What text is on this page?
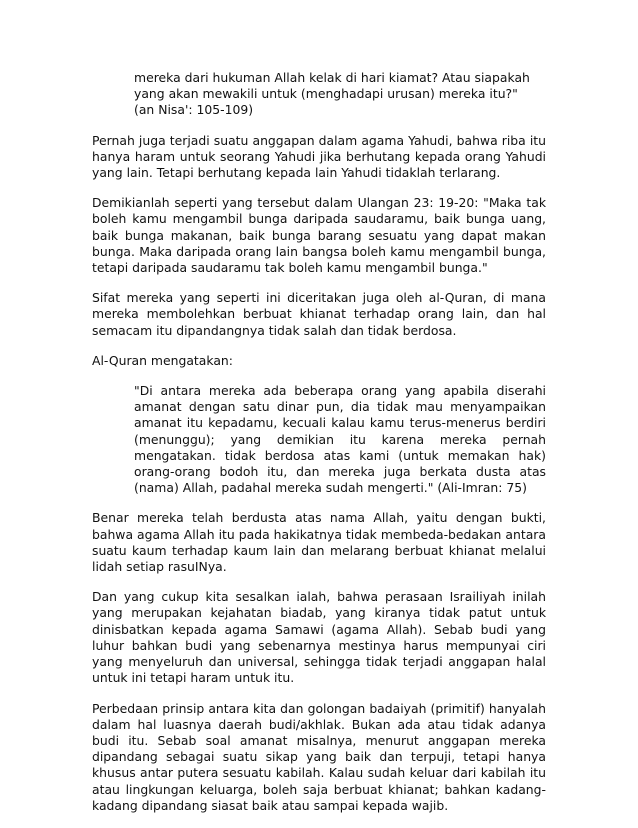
mereka dari hukuman Allah kelak di hari kiamat? Atau siapakah
yang akan mewakili untuk (menghadapi urusan) mereka itu?"
(an Nisa': 105-109)

Pernah juga terjadi suatu anggapan dalam agama Yahudi, bahwa riba itu hanya haram untuk seorang Yahudi jika berhutang kepada orang Yahudi yang lain. Tetapi berhutang kepada lain Yahudi tidaklah terlarang.

Demikianlah seperti yang tersebut dalam Ulangan 23: 19-20: "Maka tak boleh kamu mengambil bunga daripada saudaramu, baik bunga uang, baik bunga makanan, baik bunga barang sesuatu yang dapat makan bunga. Maka daripada orang lain bangsa boleh kamu mengambil bunga, tetapi daripada saudaramu tak boleh kamu mengambil bunga."

Sifat mereka yang seperti ini diceritakan juga oleh al-Quran, di mana mereka membolehkan berbuat khianat terhadap orang lain, dan hal semacam itu dipandangnya tidak salah dan tidak berdosa.

Al-Quran mengatakan:

"Di antara mereka ada beberapa orang yang apabila diserahi amanat dengan satu dinar pun, dia tidak mau menyampaikan amanat itu kepadamu, kecuali kalau kamu terus-menerus berdiri (menunggu); yang demikian itu karena mereka pernah mengatakan. tidak berdosa atas kami (untuk memakan hak) orang-orang bodoh itu, dan mereka juga berkata dusta atas (nama) Allah, padahal mereka sudah mengerti." (Ali-Imran: 75)

Benar mereka telah berdusta atas nama Allah, yaitu dengan bukti, bahwa agama Allah itu pada hakikatnya tidak membeda-bedakan antara suatu kaum terhadap kaum lain dan melarang berbuat khianat melalui lidah setiap rasuINya.

Dan yang cukup kita sesalkan ialah, bahwa perasaan Israiliyah inilah yang merupakan kejahatan biadab, yang kiranya tidak patut untuk dinisbatkan kepada agama Samawi (agama Allah). Sebab budi yang luhur bahkan budi yang sebenarnya mestinya harus mempunyai ciri yang menyeluruh dan universal, sehingga tidak terjadi anggapan halal untuk ini tetapi haram untuk itu.

Perbedaan prinsip antara kita dan golongan badaiyah (primitif) hanyalah dalam hal luasnya daerah budi/akhlak. Bukan ada atau tidak adanya budi itu. Sebab soal amanat misalnya, menurut anggapan mereka dipandang sebagai suatu sikap yang baik dan terpuji, tetapi hanya khusus antar putera sesuatu kabilah. Kalau sudah keluar dari kabilah itu atau lingkungan keluarga, boleh saja berbuat khianat; bahkan kadang-kadang dipandang siasat baik atau sampai kepada wajib.
